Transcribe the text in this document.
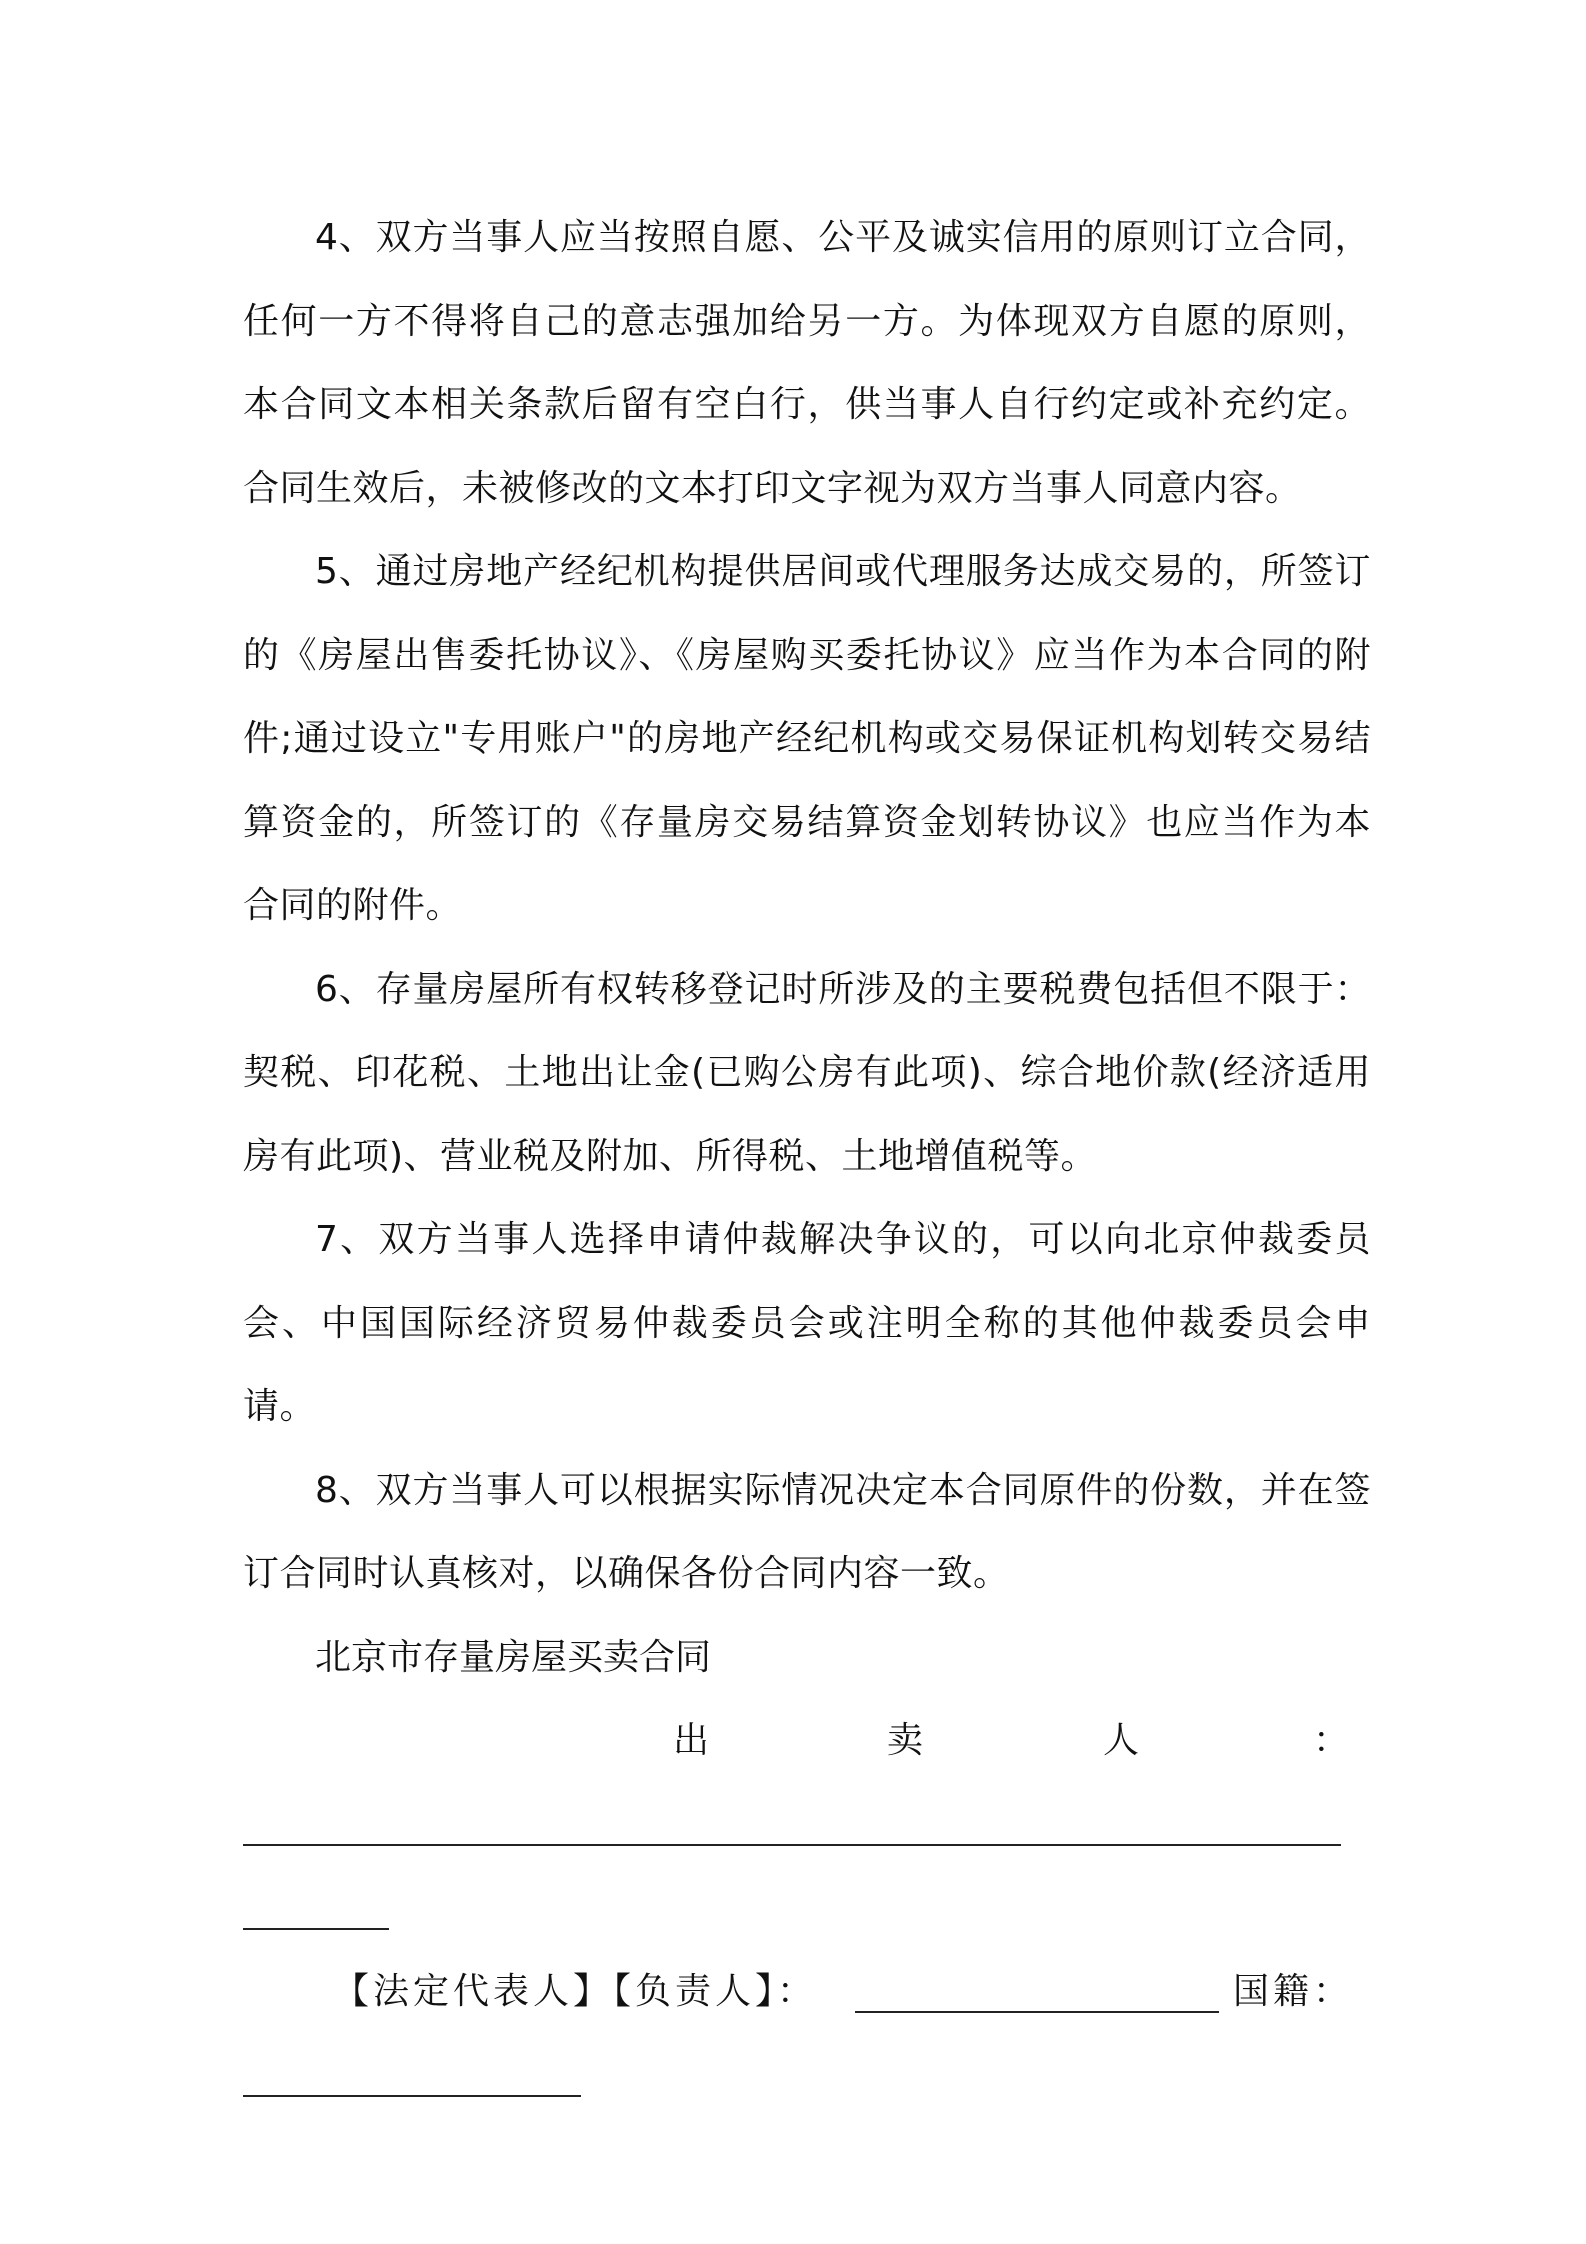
4、双方当事人应当按照自愿、公平及诚实信用的原则订立合同，任何一方不得将自己的意志强加给另一方。为体现双方自愿的原则，本合同文本相关条款后留有空白行，供当事人自行约定或补充约定。合同生效后，未被修改的文本打印文字视为双方当事人同意内容。

5、通过房地产经纪机构提供居间或代理服务达成交易的，所签订的《房屋出售委托协议》、《房屋购买委托协议》应当作为本合同的附件;通过设立"专用账户"的房地产经纪机构或交易保证机构划转交易结算资金的，所签订的《存量房交易结算资金划转协议》也应当作为本合同的附件。

6、存量房屋所有权转移登记时所涉及的主要税费包括但不限于：契税、印花税、土地出让金(已购公房有此项)、综合地价款(经济适用房有此项)、营业税及附加、所得税、土地增值税等。

7、双方当事人选择申请仲裁解决争议的，可以向北京仲裁委员会、中国国际经济贸易仲裁委员会或注明全称的其他仲裁委员会申请。

8、双方当事人可以根据实际情况决定本合同原件的份数，并在签订合同时认真核对，以确保各份合同内容一致。

北京市存量房屋买卖合同

出	卖	人	：
【法定代表人】【负责人】：	国籍：
